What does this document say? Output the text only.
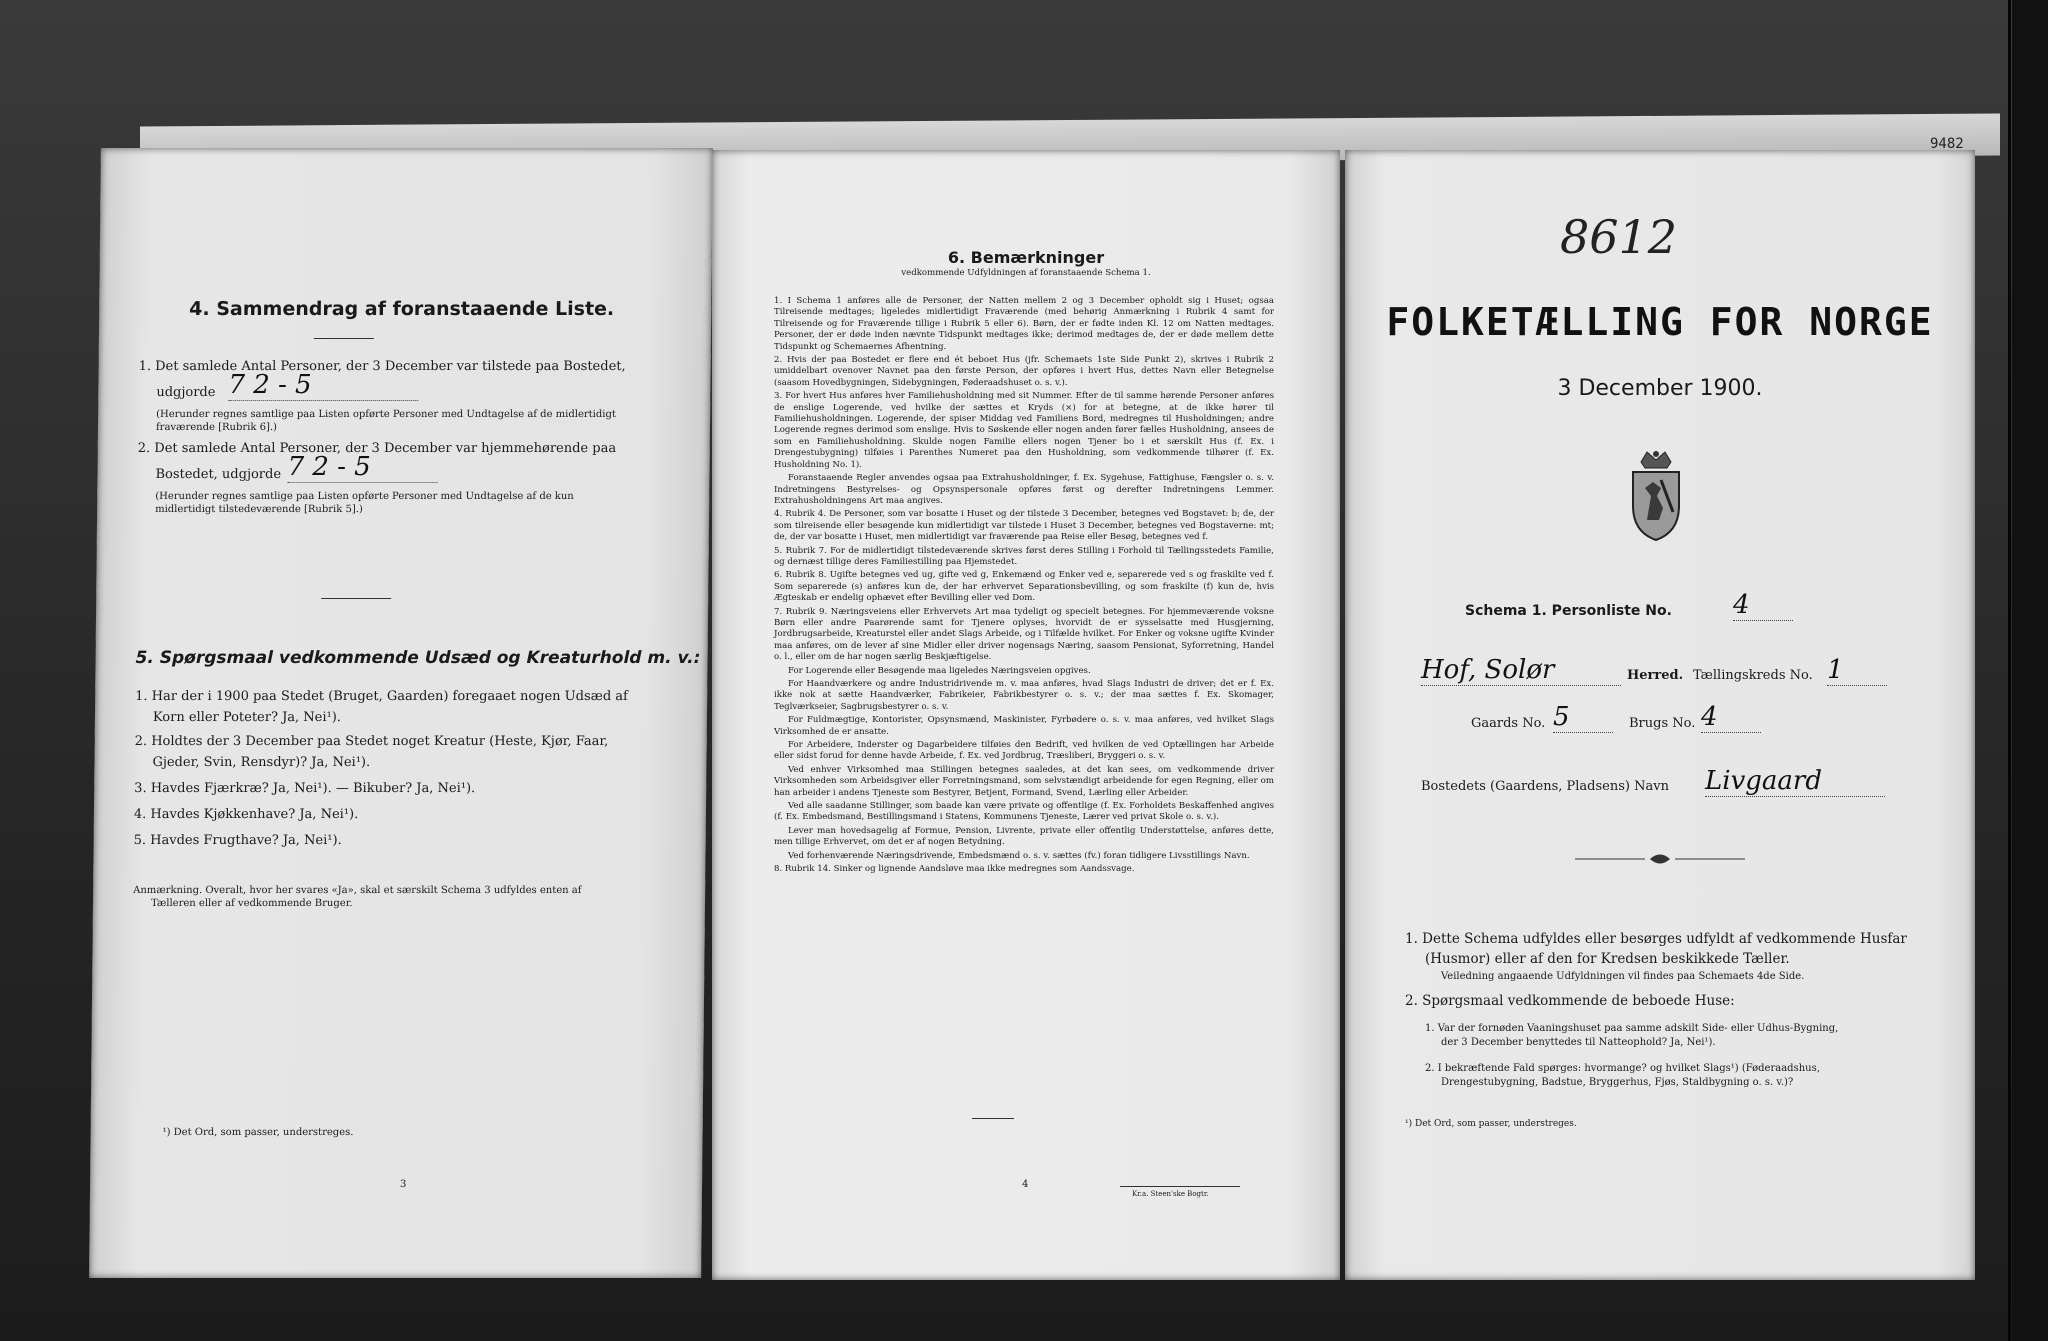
4. Sammendrag af foranstaaende Liste.
1. Det samlede Antal Personer, der 3 December var tilstede paa Bostedet,
udgjorde 7 2 - 5
(Herunder regnes samtlige paa Listen opførte Personer med Undtagelse af de midlertidigt
fraværende [Rubrik 6].)
2. Det samlede Antal Personer, der 3 December var hjemmehørende paa
Bostedet, udgjorde 7 2 - 5
(Herunder regnes samtlige paa Listen opførte Personer med Undtagelse af de kun
midlertidigt tilstedeværende [Rubrik 5].)
5. Spørgsmaal vedkommende Udsæd og Kreaturhold m. v.:
1. Har der i 1900 paa Stedet (Bruget, Gaarden) foregaaet nogen Udsæd af
Korn eller Poteter? Ja, Nei¹).
2. Holdtes der 3 December paa Stedet noget Kreatur (Heste, Kjør, Faar,
Gjeder, Svin, Rensdyr)? Ja, Nei¹).
3. Havdes Fjærkræ? Ja, Nei¹). — Bikuber? Ja, Nei¹).
4. Havdes Kjøkkenhave? Ja, Nei¹).
5. Havdes Frugthave? Ja, Nei¹).
Anmærkning. Overalt, hvor her svares «Ja», skal et særskilt Schema 3 udfyldes enten af
Tælleren eller af vedkommende Bruger.
¹) Det Ord, som passer, understreges.
3
6. Bemærkninger
vedkommende Udfyldningen af foranstaaende Schema 1.
1. I Schema 1 anføres alle de Personer, der Natten mellem 2 og 3 December opholdt sig i Huset; ogsaa Tilreisende medtages; ligeledes midlertidigt Fraværende (med behørig Anmærkning i Rubrik 4 samt for Tilreisende og for Fraværende tillige i Rubrik 5 eller 6). Børn, der er fødte inden Kl. 12 om Natten medtages. Personer, der er døde inden nævnte Tidspunkt medtages ikke; derimod medtages de, der er døde mellem dette Tidspunkt og Schemaernes Afhentning.
2. Hvis der paa Bostedet er flere end ét beboet Hus (jfr. Schemaets 1ste Side Punkt 2), skrives i Rubrik 2 umiddelbart ovenover Navnet paa den første Person, der opføres i hvert Hus, dettes Navn eller Betegnelse (saasom Hovedbygningen, Sidebygningen, Føderaadshuset o. s. v.).
3. For hvert Hus anføres hver Familiehusholdning med sit Nummer. Efter de til samme hørende Personer anføres de enslige Logerende, ved hvilke der sættes et Kryds (×) for at betegne, at de ikke hører til Familiehusholdningen. Logerende, der spiser Middag ved Familiens Bord, medregnes til Husholdningen; andre Logerende regnes derimod som enslige. Hvis to Søskende eller nogen anden fører fælles Husholdning, ansees de som en Familiehusholdning. Skulde nogen Familie ellers nogen Tjener bo i et særskilt Hus (f. Ex. i Drengestubygning) tilføies i Parenthes Numeret paa den Husholdning, som vedkommende tilhører (f. Ex. Husholdning No. 1).
Foranstaaende Regler anvendes ogsaa paa Extrahusholdninger, f. Ex. Sygehuse, Fattighuse, Fængsler o. s. v. Indretningens Bestyrelses- og Opsynspersonale opføres først og derefter Indretningens Lemmer. Extrahusholdningens Art maa angives.
4. Rubrik 4. De Personer, som var bosatte i Huset og der tilstede 3 December, betegnes ved Bogstavet: b; de, der som tilreisende eller besøgende kun midlertidigt var tilstede i Huset 3 December, betegnes ved Bogstaverne: mt; de, der var bosatte i Huset, men midlertidigt var fraværende paa Reise eller Besøg, betegnes ved f.
5. Rubrik 7. For de midlertidigt tilstedeværende skrives først deres Stilling i Forhold til Tællingsstedets Familie, og dernæst tillige deres Familiestilling paa Hjemstedet.
6. Rubrik 8. Ugifte betegnes ved ug, gifte ved g, Enkemænd og Enker ved e, separerede ved s og fraskilte ved f. Som separerede (s) anføres kun de, der har erhvervet Separationsbevilling, og som fraskilte (f) kun de, hvis Ægteskab er endelig ophævet efter Bevilling eller ved Dom.
7. Rubrik 9. Næringsveiens eller Erhvervets Art maa tydeligt og specielt betegnes. For hjemmeværende voksne Børn eller andre Paarørende samt for Tjenere oplyses, hvorvidt de er sysselsatte med Husgjerning, Jordbrugsarbeide, Kreaturstel eller andet Slags Arbeide, og i Tilfælde hvilket. For Enker og voksne ugifte Kvinder maa anføres, om de lever af sine Midler eller driver nogensags Næring, saasom Pensionat, Syforretning, Handel o. l., eller om de har nogen særlig Beskjæftigelse.
For Logerende eller Besøgende maa ligeledes Næringsveien opgives.
For Haandværkere og andre Industridrivende m. v. maa anføres, hvad Slags Industri de driver; det er f. Ex. ikke nok at sætte Haandværker, Fabrikeier, Fabrikbestyrer o. s. v.; der maa sættes f. Ex. Skomager, Teglværkseier, Sagbrugsbestyrer o. s. v.
For Fuldmægtige, Kontorister, Opsynsmænd, Maskinister, Fyrbødere o. s. v. maa anføres, ved hvilket Slags Virksomhed de er ansatte.
For Arbeidere, Inderster og Dagarbeidere tilføies den Bedrift, ved hvilken de ved Optællingen har Arbeide eller sidst forud for denne havde Arbeide, f. Ex. ved Jordbrug, Træsliberi, Bryggeri o. s. v.
Ved enhver Virksomhed maa Stillingen betegnes saaledes, at det kan sees, om vedkommende driver Virksomheden som Arbeidsgiver eller Forretningsmand, som selvstændigt arbeidende for egen Regning, eller om han arbeider i andens Tjeneste som Bestyrer, Betjent, Formand, Svend, Lærling eller Arbeider.
Ved alle saadanne Stillinger, som baade kan være private og offentlige (f. Ex. Forholdets Beskaffenhed angives (f. Ex. Embedsmand, Bestillingsmand i Statens, Kommunens Tjeneste, Lærer ved privat Skole o. s. v.).
Lever man hovedsagelig af Formue, Pension, Livrente, private eller offentlig Understøttelse, anføres dette, men tillige Erhvervet, om det er af nogen Betydning.
Ved forhenværende Næringsdrivende, Embedsmænd o. s. v. sættes (fv.) foran tidligere Livsstillings Navn.
8. Rubrik 14. Sinker og lignende Aandsløve maa ikke medregnes som Aandssvage.
4
Kr.a. Steen'ske Bogtr.
8612
9482
FOLKETÆLLING FOR NORGE
3 December 1900.
Schema 1. Personliste No. 4
Hof, Solør	Herred. Tællingskreds No. 1
Gaards No. 5	Brugs No. 4
Bostedets (Gaardens, Pladsens) Navn Livgaard
1. Dette Schema udfyldes eller besørges udfyldt af vedkommende Husfar
(Husmor) eller af den for Kredsen beskikkede Tæller.
Veiledning angaaende Udfyldningen vil findes paa Schemaets 4de Side.
2. Spørgsmaal vedkommende de beboede Huse:
1. Var der fornøden Vaaningshuset paa samme adskilt Side- eller Udhus-Bygning,
der 3 December benyttedes til Natteophold? Ja, Nei¹).
2. I bekræftende Fald spørges: hvormange? og hvilket Slags¹) (Føderaadshus,
Drengestubygning, Badstue, Bryggerhus, Fjøs, Staldbygning o. s. v.)?
¹) Det Ord, som passer, understreges.
